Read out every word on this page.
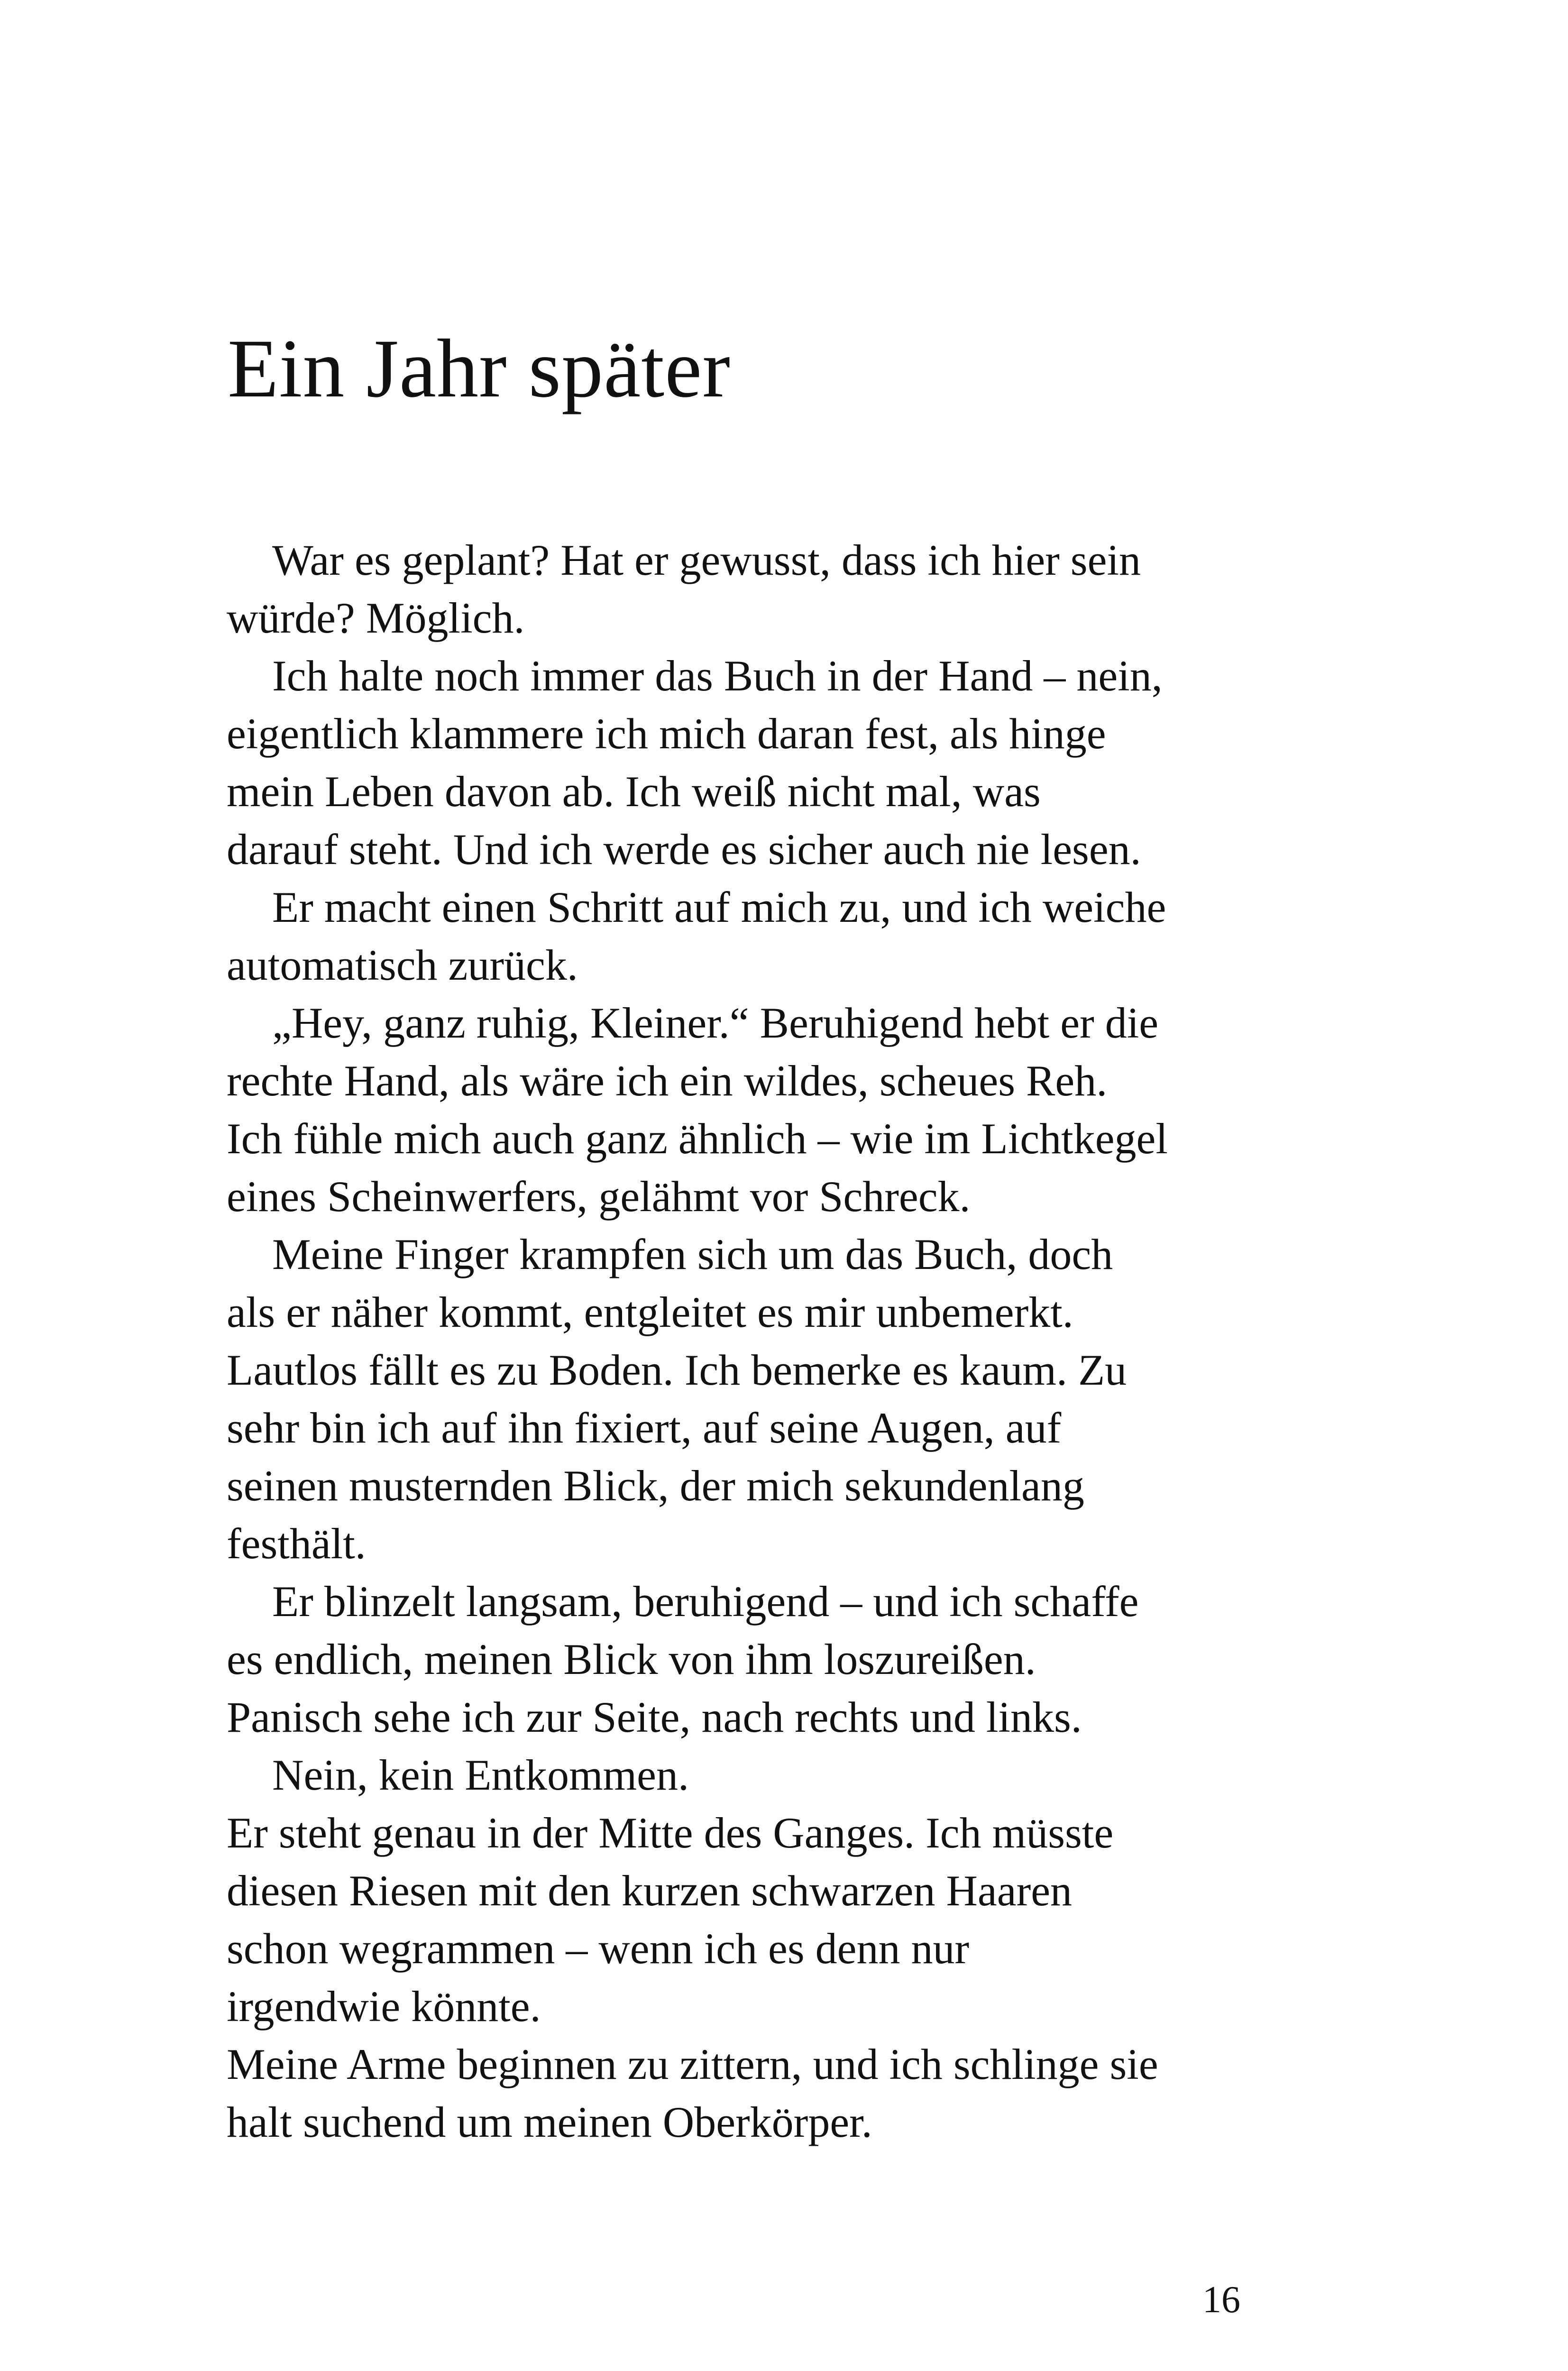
Ein Jahr später
War es geplant? Hat er gewusst, dass ich hier sein
würde? Möglich.
Ich halte noch immer das Buch in der Hand – nein,
eigentlich klammere ich mich daran fest, als hinge
mein Leben davon ab. Ich weiß nicht mal, was
darauf steht. Und ich werde es sicher auch nie lesen.
Er macht einen Schritt auf mich zu, und ich weiche
automatisch zurück.
„Hey, ganz ruhig, Kleiner.“ Beruhigend hebt er die
rechte Hand, als wäre ich ein wildes, scheues Reh.
Ich fühle mich auch ganz ähnlich – wie im Lichtkegel
eines Scheinwerfers, gelähmt vor Schreck.
Meine Finger krampfen sich um das Buch, doch
als er näher kommt, entgleitet es mir unbemerkt.
Lautlos fällt es zu Boden. Ich bemerke es kaum. Zu
sehr bin ich auf ihn fixiert, auf seine Augen, auf
seinen musternden Blick, der mich sekundenlang
festhält.
Er blinzelt langsam, beruhigend – und ich schaffe
es endlich, meinen Blick von ihm loszureißen.
Panisch sehe ich zur Seite, nach rechts und links.
Nein, kein Entkommen.
Er steht genau in der Mitte des Ganges. Ich müsste
diesen Riesen mit den kurzen schwarzen Haaren
schon wegrammen – wenn ich es denn nur
irgendwie könnte.
Meine Arme beginnen zu zittern, und ich schlinge sie
halt suchend um meinen Oberkörper.
16
